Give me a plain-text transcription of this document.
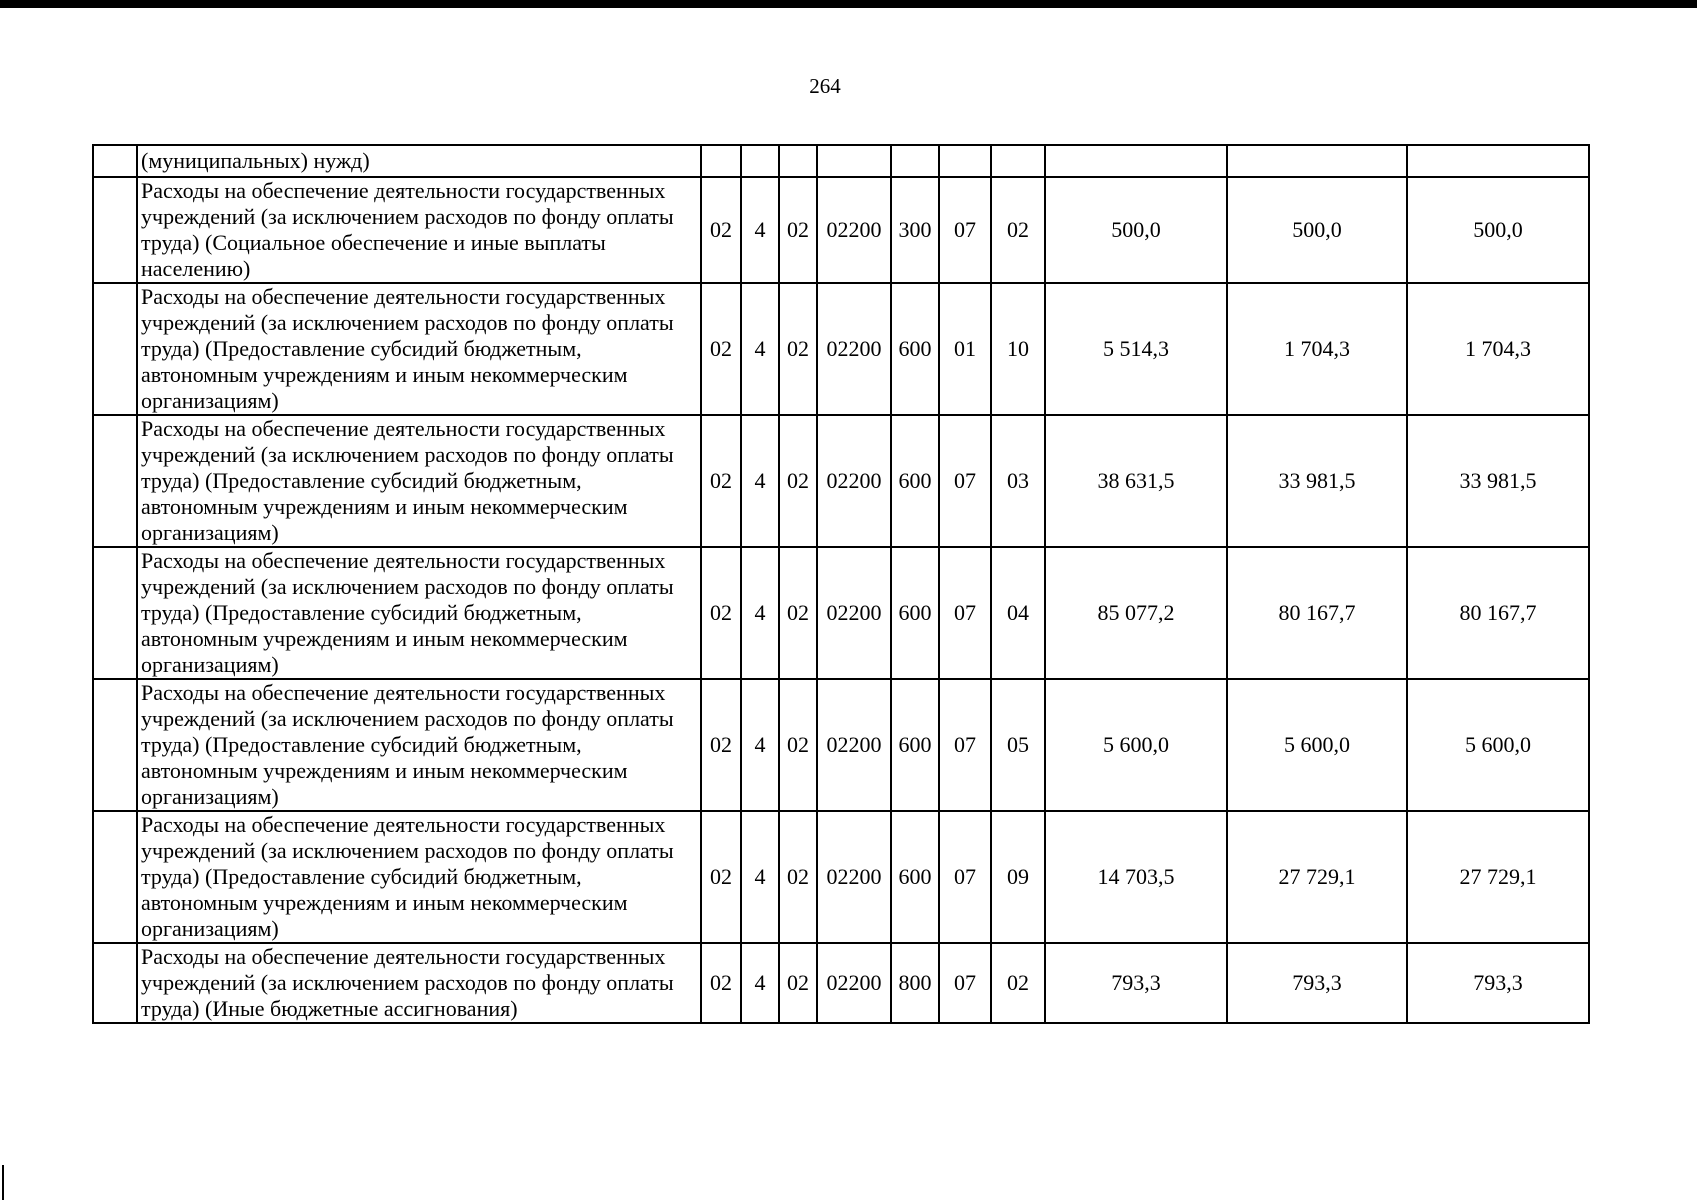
264
	(муниципальных) нужд)										
	Расходы на обеспечение деятельности государственных учреждений (за исключением расходов по фонду оплаты труда) (Социальное обеспечение и иные выплаты населению)	02	4	02	02200	300	07	02	500,0	500,0	500,0
	Расходы на обеспечение деятельности государственных учреждений (за исключением расходов по фонду оплаты труда) (Предоставление субсидий бюджетным, автономным учреждениям и иным некоммерческим организациям)	02	4	02	02200	600	01	10	5 514,3	1 704,3	1 704,3
	Расходы на обеспечение деятельности государственных учреждений (за исключением расходов по фонду оплаты труда) (Предоставление субсидий бюджетным, автономным учреждениям и иным некоммерческим организациям)	02	4	02	02200	600	07	03	38 631,5	33 981,5	33 981,5
	Расходы на обеспечение деятельности государственных учреждений (за исключением расходов по фонду оплаты труда) (Предоставление субсидий бюджетным, автономным учреждениям и иным некоммерческим организациям)	02	4	02	02200	600	07	04	85 077,2	80 167,7	80 167,7
	Расходы на обеспечение деятельности государственных учреждений (за исключением расходов по фонду оплаты труда) (Предоставление субсидий бюджетным, автономным учреждениям и иным некоммерческим организациям)	02	4	02	02200	600	07	05	5 600,0	5 600,0	5 600,0
	Расходы на обеспечение деятельности государственных учреждений (за исключением расходов по фонду оплаты труда) (Предоставление субсидий бюджетным, автономным учреждениям и иным некоммерческим организациям)	02	4	02	02200	600	07	09	14 703,5	27 729,1	27 729,1
	Расходы на обеспечение деятельности государственных учреждений (за исключением расходов по фонду оплаты труда) (Иные бюджетные ассигнования)	02	4	02	02200	800	07	02	793,3	793,3	793,3
